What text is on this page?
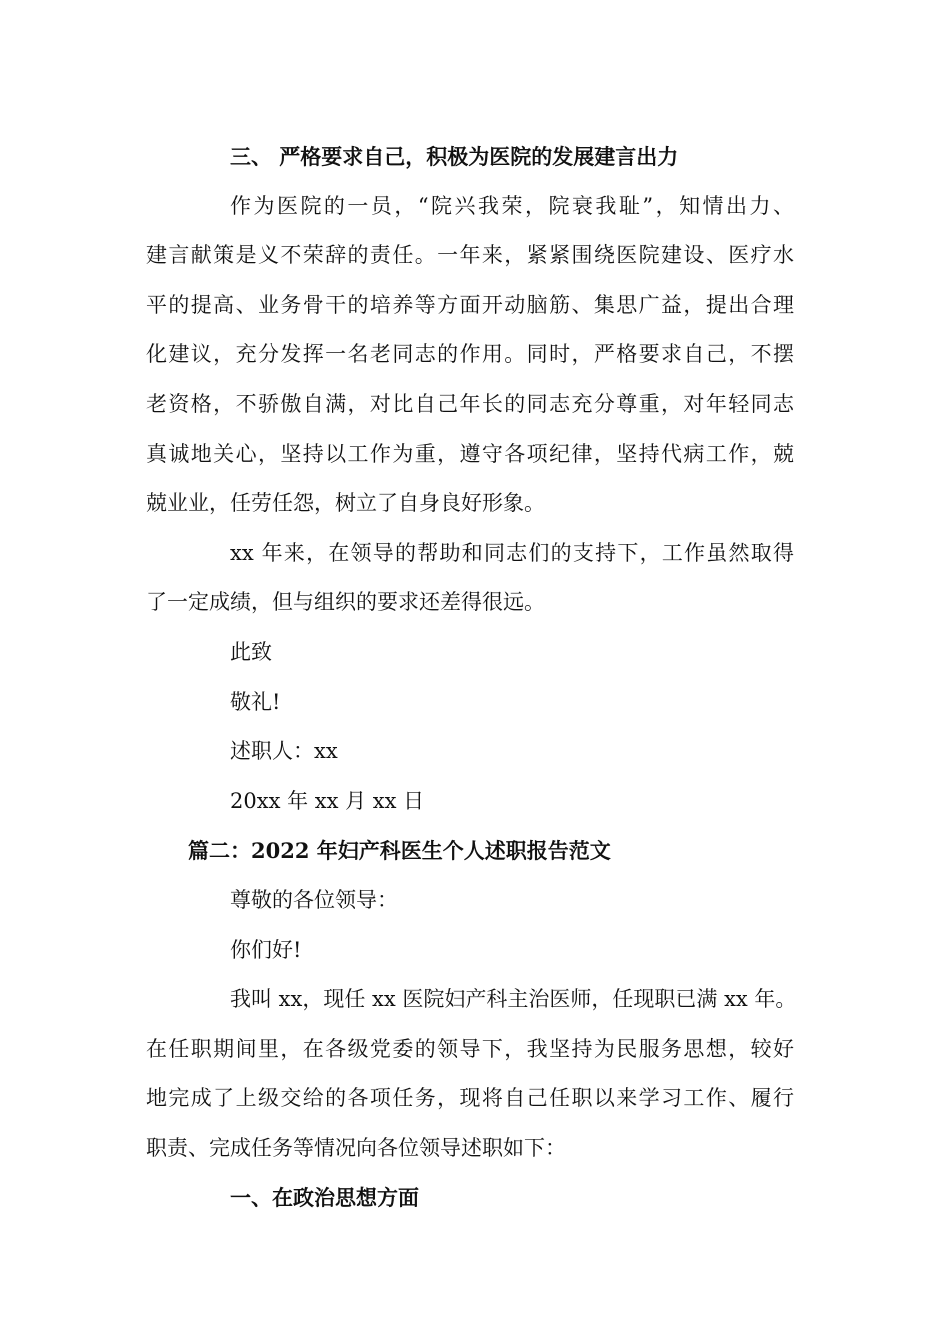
三、 严格要求自己，积极为医院的发展建言出力
作为医院的一员，“院兴我荣，院衰我耻”，知情出力、
建言献策是义不荣辞的责任。一年来，紧紧围绕医院建设、医疗水
平的提高、业务骨干的培养等方面开动脑筋、集思广益，提出合理
化建议，充分发挥一名老同志的作用。同时，严格要求自己，不摆
老资格，不骄傲自满，对比自己年长的同志充分尊重，对年轻同志
真诚地关心，坚持以工作为重，遵守各项纪律，坚持代病工作，兢
兢业业，任劳任怨，树立了自身良好形象。
xx 年来，在领导的帮助和同志们的支持下，工作虽然取得
了一定成绩，但与组织的要求还差得很远。
此致
敬礼!
述职人：xx
20xx 年 xx 月 xx 日
篇二：2022 年妇产科医生个人述职报告范文
尊敬的各位领导：
你们好!
我叫 xx，现任 xx 医院妇产科主治医师，任现职已满 xx 年。
在任职期间里，在各级党委的领导下，我坚持为民服务思想，较好
地完成了上级交给的各项任务，现将自己任职以来学习工作、履行
职责、完成任务等情况向各位领导述职如下：
一、在政治思想方面
